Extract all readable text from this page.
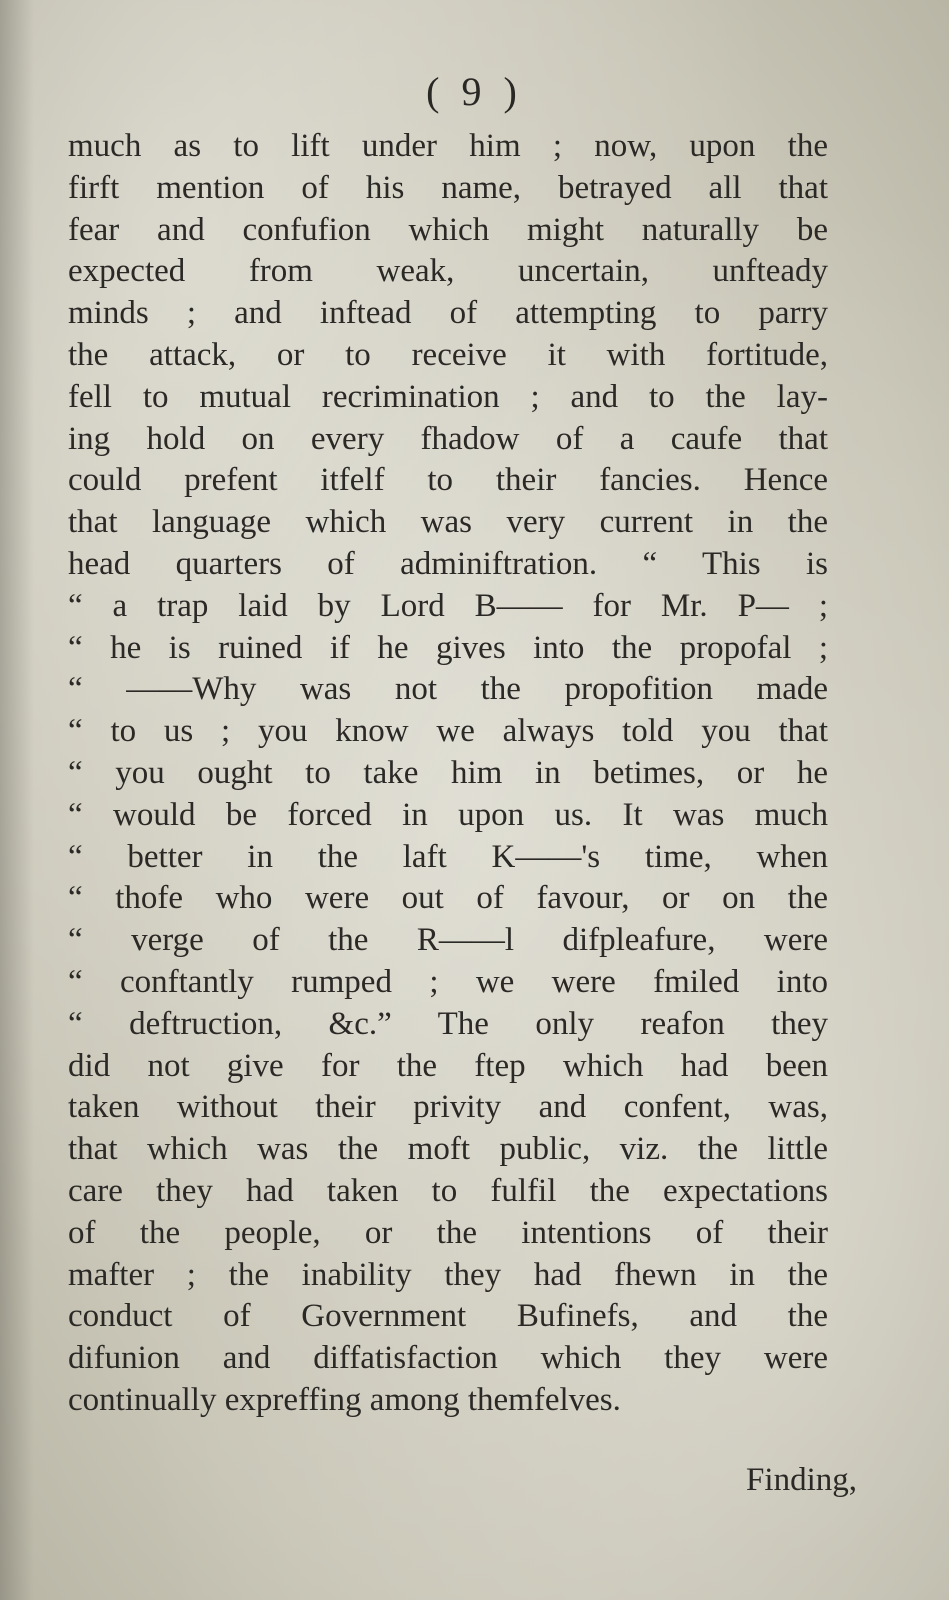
( 9 )
much as to lift under him ; now, upon the
firft mention of his name, betrayed all that
fear and confufion which might naturally be
expected from weak, uncertain, unfteady
minds ; and inftead of attempting to parry
the attack, or to receive it with fortitude,
fell to mutual recrimination ; and to the lay-
ing hold on every fhadow of a caufe that
could prefent itfelf to their fancies. Hence
that language which was very current in the
head quarters of adminiftration. “ This is
“ a trap laid by Lord B—— for Mr. P— ;
“ he is ruined if he gives into the propofal ;
“ ——Why was not the propofition made
“ to us ; you know we always told you that
“ you ought to take him in betimes, or he
“ would be forced in upon us. It was much
“ better in the laft K——'s time, when
“ thofe who were out of favour, or on the
“ verge of the R——l difpleafure, were
“ conftantly rumped ; we were fmiled into
“ deftruction, &c.” The only reafon they
did not give for the ftep which had been
taken without their privity and confent, was,
that which was the moft public, viz. the little
care they had taken to fulfil the expectations
of the people, or the intentions of their
mafter ; the inability they had fhewn in the
conduct of Government Bufinefs, and the
difunion and diffatisfaction which they were
continually expreffing among themfelves.
Finding,
